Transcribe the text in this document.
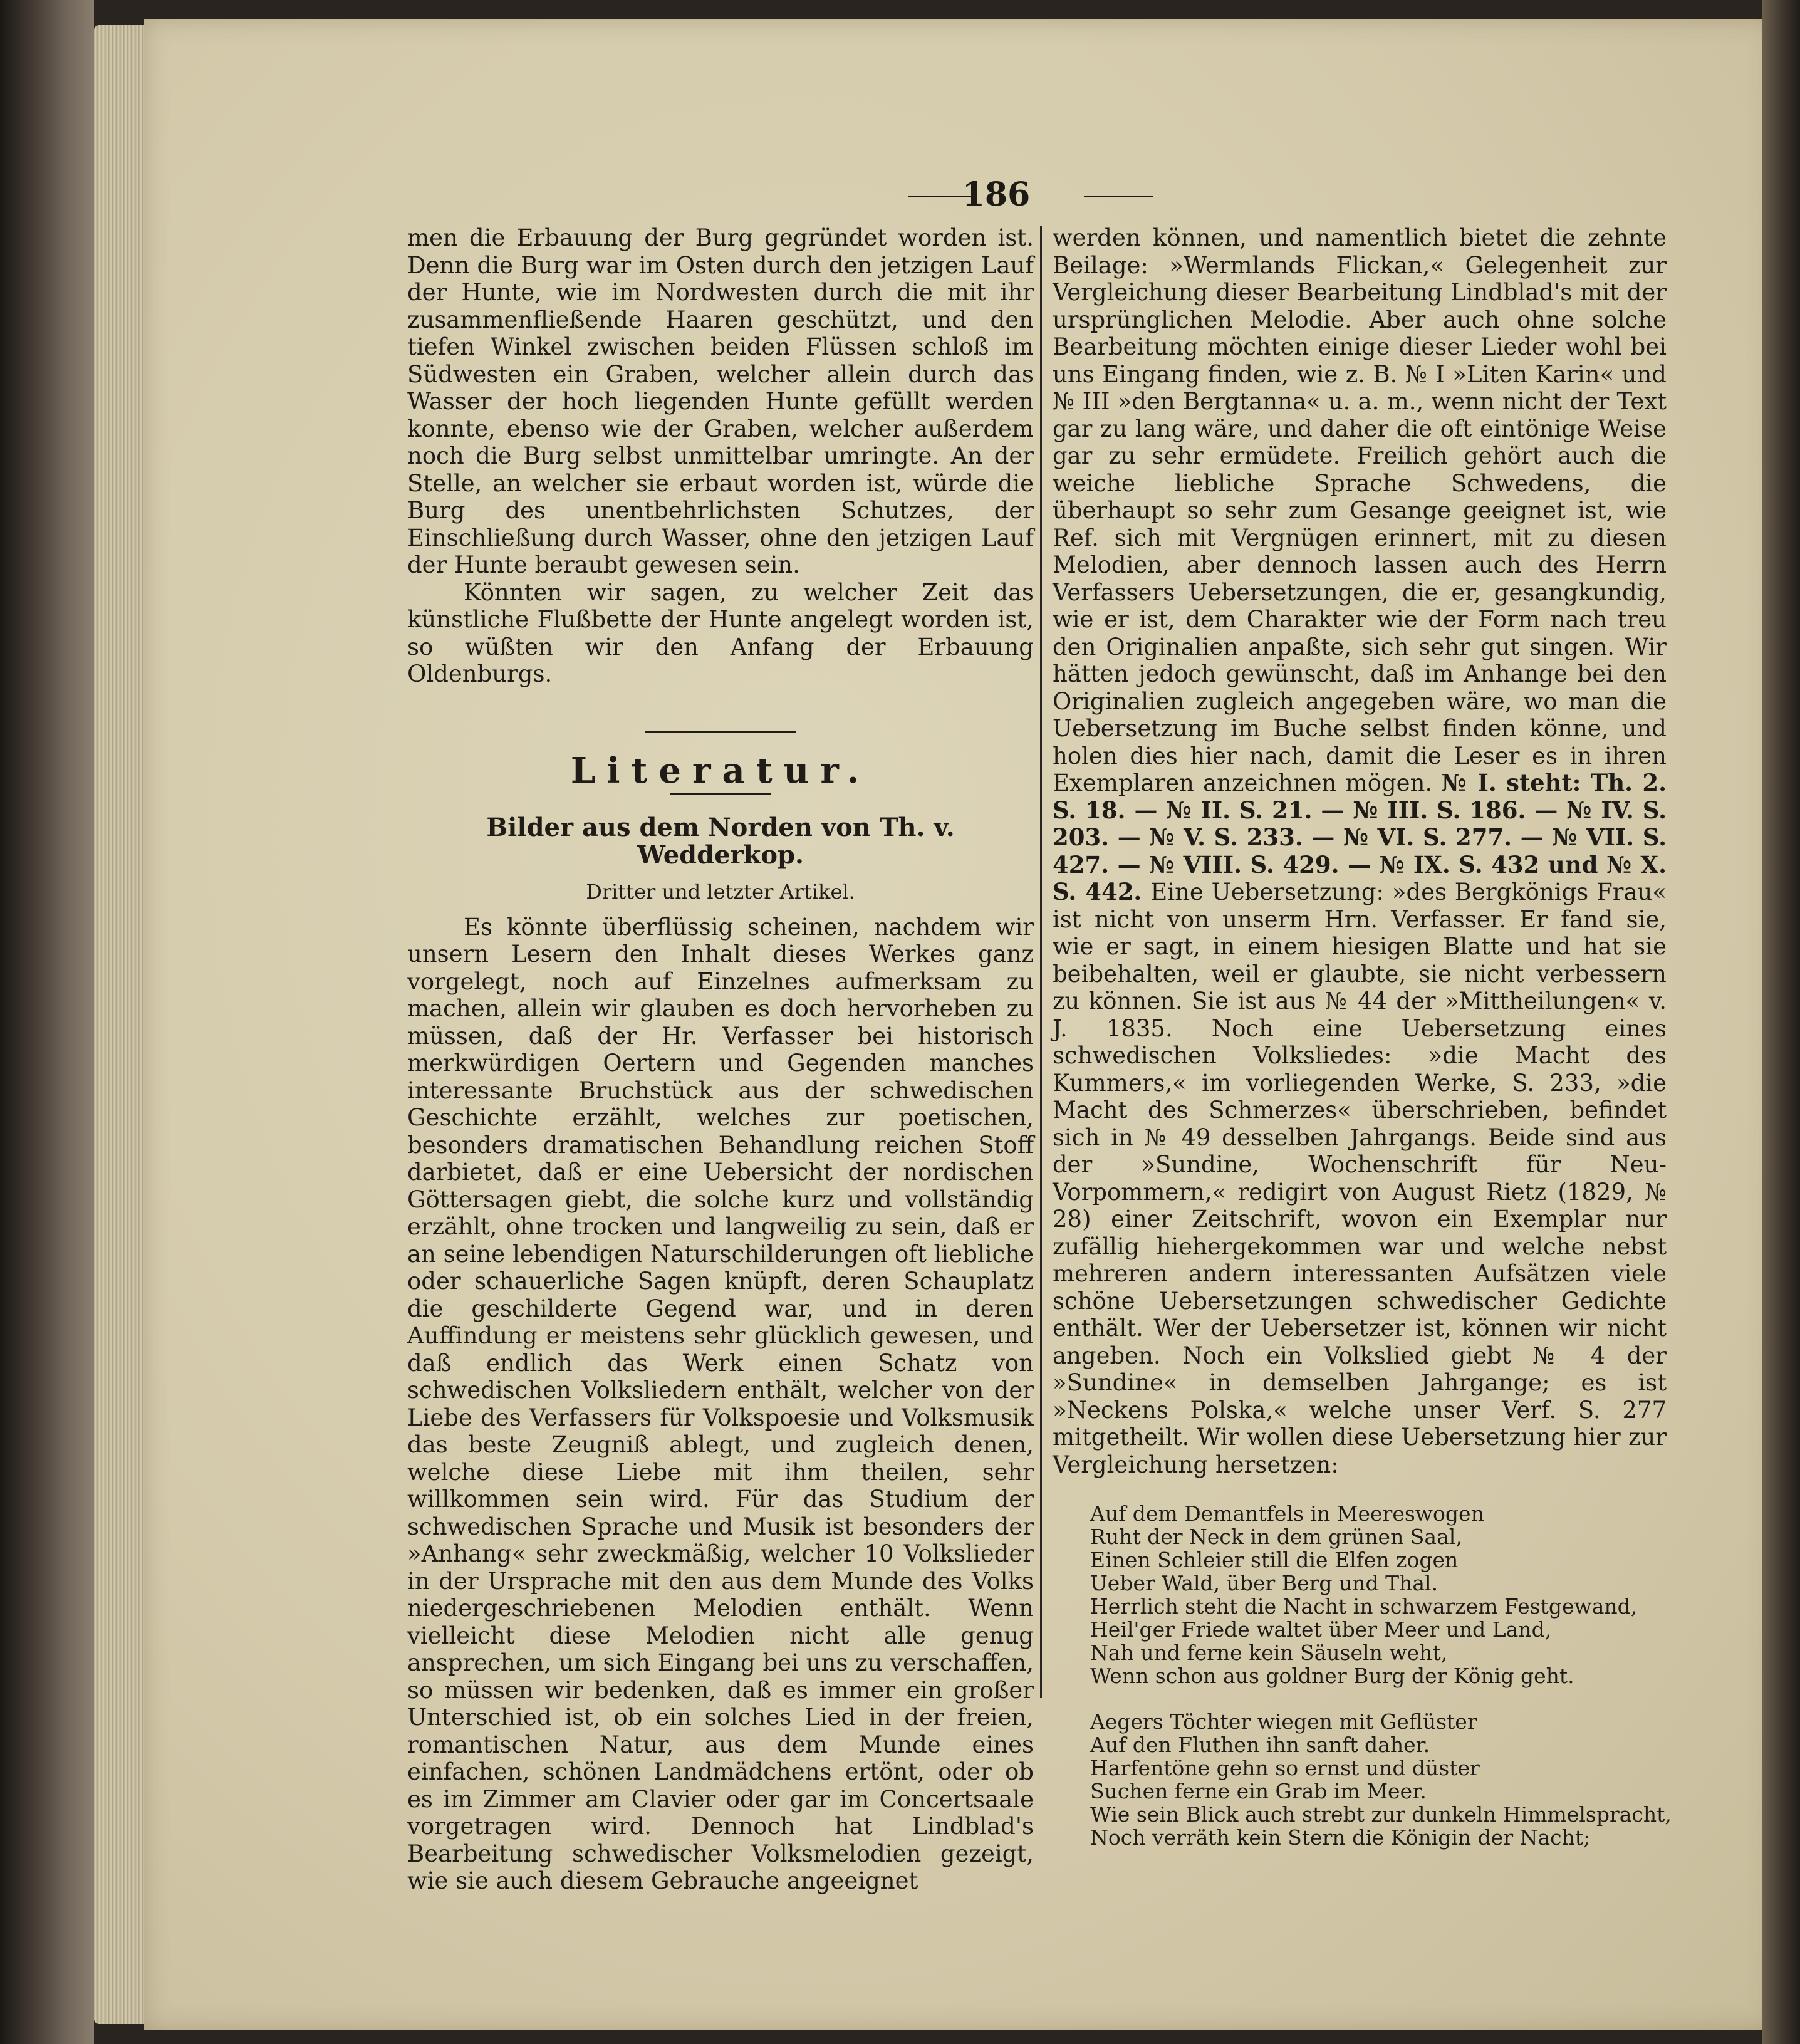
186

men die Erbauung der Burg gegründet worden ist. Denn die Burg war im Osten durch den jetzigen Lauf der Hunte, wie im Nordwesten durch die mit ihr zusammenfließende Haaren geschützt, und den tiefen Winkel zwischen beiden Flüssen schloß im Südwesten ein Graben, welcher allein durch das Wasser der hoch liegenden Hunte gefüllt werden konnte, ebenso wie der Graben, welcher außerdem noch die Burg selbst unmittelbar umringte. An der Stelle, an welcher sie erbaut worden ist, würde die Burg des unentbehrlichsten Schutzes, der Einschließung durch Wasser, ohne den jetzigen Lauf der Hunte beraubt gewesen sein.

Könnten wir sagen, zu welcher Zeit das künstliche Flußbette der Hunte angelegt worden ist, so wüßten wir den Anfang der Erbauung Oldenburgs.

Literatur.
Bilder aus dem Norden von Th. v. Wedderkop.
Dritter und letzter Artikel.

Es könnte überflüssig scheinen, nachdem wir unsern Lesern den Inhalt dieses Werkes ganz vorgelegt, noch auf Einzelnes aufmerksam zu machen, allein wir glauben es doch hervorheben zu müssen, daß der Hr. Verfasser bei historisch merkwürdigen Oertern und Gegenden manches interessante Bruchstück aus der schwedischen Geschichte erzählt, welches zur poetischen, besonders dramatischen Behandlung reichen Stoff darbietet, daß er eine Uebersicht der nordischen Göttersagen giebt, die solche kurz und vollständig erzählt, ohne trocken und langweilig zu sein, daß er an seine lebendigen Naturschilderungen oft liebliche oder schauerliche Sagen knüpft, deren Schauplatz die geschilderte Gegend war, und in deren Auffindung er meistens sehr glücklich gewesen, und daß endlich das Werk einen Schatz von schwedischen Volksliedern enthält, welcher von der Liebe des Verfassers für Volkspoesie und Volksmusik das beste Zeugniß ablegt, und zugleich denen, welche diese Liebe mit ihm theilen, sehr willkommen sein wird. Für das Studium der schwedischen Sprache und Musik ist besonders der »Anhang« sehr zweckmäßig, welcher 10 Volkslieder in der Ursprache mit den aus dem Munde des Volks niedergeschriebenen Melodien enthält. Wenn vielleicht diese Melodien nicht alle genug ansprechen, um sich Eingang bei uns zu verschaffen, so müssen wir bedenken, daß es immer ein großer Unterschied ist, ob ein solches Lied in der freien, romantischen Natur, aus dem Munde eines einfachen, schönen Landmädchens ertönt, oder ob es im Zimmer am Clavier oder gar im Concertsaale vorgetragen wird. Dennoch hat Lindblad's Bearbeitung schwedischer Volksmelodien gezeigt, wie sie auch diesem Gebrauche angeeignet

werden können, und namentlich bietet die zehnte Beilage: »Wermlands Flickan,« Gelegenheit zur Vergleichung dieser Bearbeitung Lindblad's mit der ursprünglichen Melodie. Aber auch ohne solche Bearbeitung möchten einige dieser Lieder wohl bei uns Eingang finden, wie z. B. № I »Liten Karin« und № III »den Bergtanna« u. a. m., wenn nicht der Text gar zu lang wäre, und daher die oft eintönige Weise gar zu sehr ermüdete. Freilich gehört auch die weiche liebliche Sprache Schwedens, die überhaupt so sehr zum Gesange geeignet ist, wie Ref. sich mit Vergnügen erinnert, mit zu diesen Melodien, aber dennoch lassen auch des Herrn Verfassers Uebersetzungen, die er, gesangkundig, wie er ist, dem Charakter wie der Form nach treu den Originalien anpaßte, sich sehr gut singen. Wir hätten jedoch gewünscht, daß im Anhange bei den Originalien zugleich angegeben wäre, wo man die Uebersetzung im Buche selbst finden könne, und holen dies hier nach, damit die Leser es in ihren Exemplaren anzeichnen mögen. № I. steht: Th. 2. S. 18. — № II. S. 21. — № III. S. 186. — № IV. S. 203. — № V. S. 233. — № VI. S. 277. — № VII. S. 427. — № VIII. S. 429. — № IX. S. 432 und № X. S. 442. Eine Uebersetzung: »des Bergkönigs Frau« ist nicht von unserm Hrn. Verfasser. Er fand sie, wie er sagt, in einem hiesigen Blatte und hat sie beibehalten, weil er glaubte, sie nicht verbessern zu können. Sie ist aus № 44 der »Mittheilungen« v. J. 1835. Noch eine Uebersetzung eines schwedischen Volksliedes: »die Macht des Kummers,« im vorliegenden Werke, S. 233, »die Macht des Schmerzes« überschrieben, befindet sich in № 49 desselben Jahrgangs. Beide sind aus der »Sundine, Wochenschrift für Neu-Vorpommern,« redigirt von August Rietz (1829, № 28) einer Zeitschrift, wovon ein Exemplar nur zufällig hiehergekommen war und welche nebst mehreren andern interessanten Aufsätzen viele schöne Uebersetzungen schwedischer Gedichte enthält. Wer der Uebersetzer ist, können wir nicht angeben. Noch ein Volkslied giebt № 4 der »Sundine« in demselben Jahrgange; es ist »Neckens Polska,« welche unser Verf. S. 277 mitgetheilt. Wir wollen diese Uebersetzung hier zur Vergleichung hersetzen:
Auf dem Demantfels in Meereswogen
Ruht der Neck in dem grünen Saal,
Einen Schleier still die Elfen zogen
Ueber Wald, über Berg und Thal.
Herrlich steht die Nacht in schwarzem Festgewand,
Heil'ger Friede waltet über Meer und Land,
Nah und ferne kein Säuseln weht,
Wenn schon aus goldner Burg der König geht.
Aegers Töchter wiegen mit Geflüster
Auf den Fluthen ihn sanft daher.
Harfentöne gehn so ernst und düster
Suchen ferne ein Grab im Meer.
Wie sein Blick auch strebt zur dunkeln Himmelspracht,
Noch verräth kein Stern die Königin der Nacht;
